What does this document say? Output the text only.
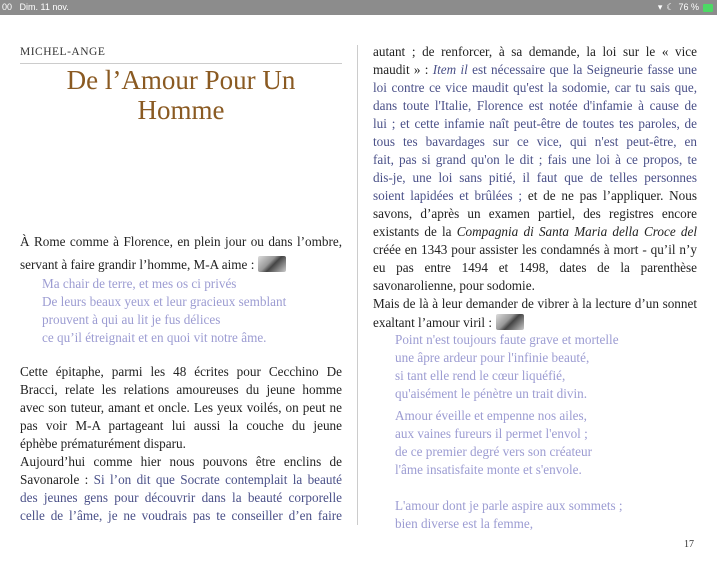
00 Dim. 11 nov.	▾ ☾ 76 %
MICHEL-ANGE
De l’Amour Pour Un
Homme
À Rome comme à Florence, en plein jour ou dans l’ombre,
servant à faire grandir l’homme, M-A aime :
Ma chair de terre, et mes os ci privés
De leurs beaux yeux et leur gracieux semblant
prouvent à qui au lit je fus délices
ce qu’il étreignait et en quoi vit notre âme.
Cette épitaphe, parmi les 48 écrites pour Cecchino De
Bracci, relate les relations amoureuses du jeune homme
avec son tuteur, amant et oncle. Les yeux voilés, on peut ne
pas voir M-A partageant lui aussi la couche du jeune
éphèbe prématurément disparu.
Aujourd’hui comme hier nous pouvons être enclins de
Savonarole : Si l’on dit que Socrate contemplait la beauté
des jeunes gens pour découvrir dans la beauté corporelle
celle de l’âme, je ne voudrais pas te conseiller d’en faire
autant ; de renforcer, à sa demande, la loi sur le « vice
maudit » : Item il est nécessaire que la Seigneurie fasse une
loi contre ce vice maudit qu'est la sodomie, car tu sais que,
dans toute l'Italie, Florence est notée d'infamie à cause de
lui ; et cette infamie naît peut-être de toutes tes paroles, de
tous tes bavardages sur ce vice, qui n'est peut-être, en
fait, pas si grand qu'on le dit ; fais une loi à ce propos, te
dis-je, une loi sans pitié, il faut que de telles personnes
soient lapidées et brûlées ; et de ne pas l’appliquer. Nous
savons, d’après un examen partiel, des registres encore
existants de la Compagnia di Santa Maria della Croce del
créée en 1343 pour assister les condamnés à mort - qu’il n’y
eu pas entre 1494 et 1498, dates de la parenthèse
savonarolienne, pour sodomie.
Mais de là à leur demander de vibrer à la lecture d’un sonnet
exaltant l’amour viril :
Point n'est toujours faute grave et mortelle
une âpre ardeur pour l'infinie beauté,
si tant elle rend le cœur liquéfié,
qu'aisément le pénètre un trait divin.
Amour éveille et empenne nos ailes,
aux vaines fureurs il permet l'envol ;
de ce premier degré vers son créateur
l'âme insatisfaite monte et s'envole.
L'amour dont je parle aspire aux sommets ;
bien diverse est la femme,
17
